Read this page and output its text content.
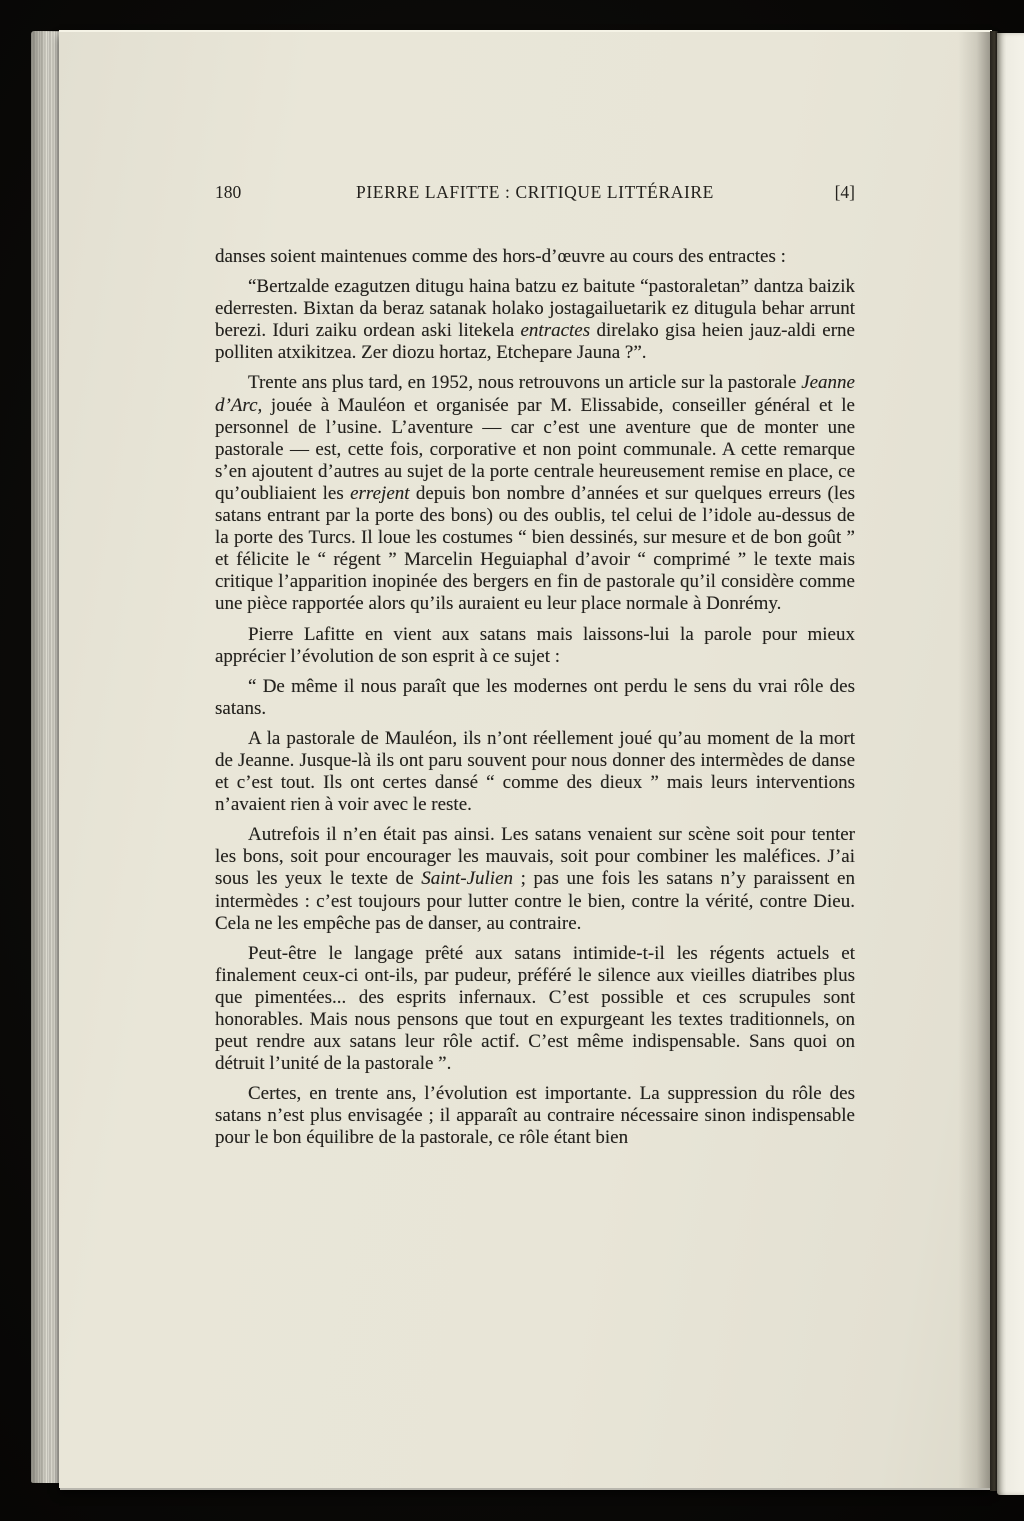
180	PIERRE LAFITTE : CRITIQUE LITTÉRAIRE	[4]

danses soient maintenues comme des hors-d’œuvre au cours des entractes :

“Bertzalde ezagutzen ditugu haina batzu ez baitute “pastoraletan” dantza baizik ederresten. Bixtan da beraz satanak holako jostagailuetarik ez ditugula behar arrunt berezi. Iduri zaiku ordean aski litekela entractes direlako gisa heien jauz-aldi erne polliten atxikitzea. Zer diozu hortaz, Etchepare Jauna ?”.

Trente ans plus tard, en 1952, nous retrouvons un article sur la pastorale Jeanne d’Arc, jouée à Mauléon et organisée par M. Elissabide, conseiller général et le personnel de l’usine. L’aventure — car c’est une aventure que de monter une pastorale — est, cette fois, corporative et non point communale. A cette remarque s’en ajoutent d’autres au sujet de la porte centrale heureusement remise en place, ce qu’oubliaient les errejent depuis bon nombre d’années et sur quelques erreurs (les satans entrant par la porte des bons) ou des oublis, tel celui de l’idole au-dessus de la porte des Turcs. Il loue les costumes “ bien dessinés, sur mesure et de bon goût ” et félicite le “ régent ” Marcelin Heguiaphal d’avoir “ comprimé ” le texte mais critique l’apparition inopinée des bergers en fin de pastorale qu’il considère comme une pièce rapportée alors qu’ils auraient eu leur place normale à Donrémy.

Pierre Lafitte en vient aux satans mais laissons-lui la parole pour mieux apprécier l’évolution de son esprit à ce sujet :

“ De même il nous paraît que les modernes ont perdu le sens du vrai rôle des satans.

A la pastorale de Mauléon, ils n’ont réellement joué qu’au moment de la mort de Jeanne. Jusque-là ils ont paru souvent pour nous donner des intermèdes de danse et c’est tout. Ils ont certes dansé “ comme des dieux ” mais leurs interventions n’avaient rien à voir avec le reste.

Autrefois il n’en était pas ainsi. Les satans venaient sur scène soit pour tenter les bons, soit pour encourager les mauvais, soit pour combiner les maléfices. J’ai sous les yeux le texte de Saint-Julien ; pas une fois les satans n’y paraissent en intermèdes : c’est toujours pour lutter contre le bien, contre la vérité, contre Dieu. Cela ne les empêche pas de danser, au contraire.

Peut-être le langage prêté aux satans intimide-t-il les régents actuels et finalement ceux-ci ont-ils, par pudeur, préféré le silence aux vieilles diatribes plus que pimentées... des esprits infernaux. C’est possible et ces scrupules sont honorables. Mais nous pensons que tout en expurgeant les textes traditionnels, on peut rendre aux satans leur rôle actif. C’est même indispensable. Sans quoi on détruit l’unité de la pastorale ”.

Certes, en trente ans, l’évolution est importante. La suppression du rôle des satans n’est plus envisagée ; il apparaît au contraire nécessaire sinon indispensable pour le bon équilibre de la pastorale, ce rôle étant bien
